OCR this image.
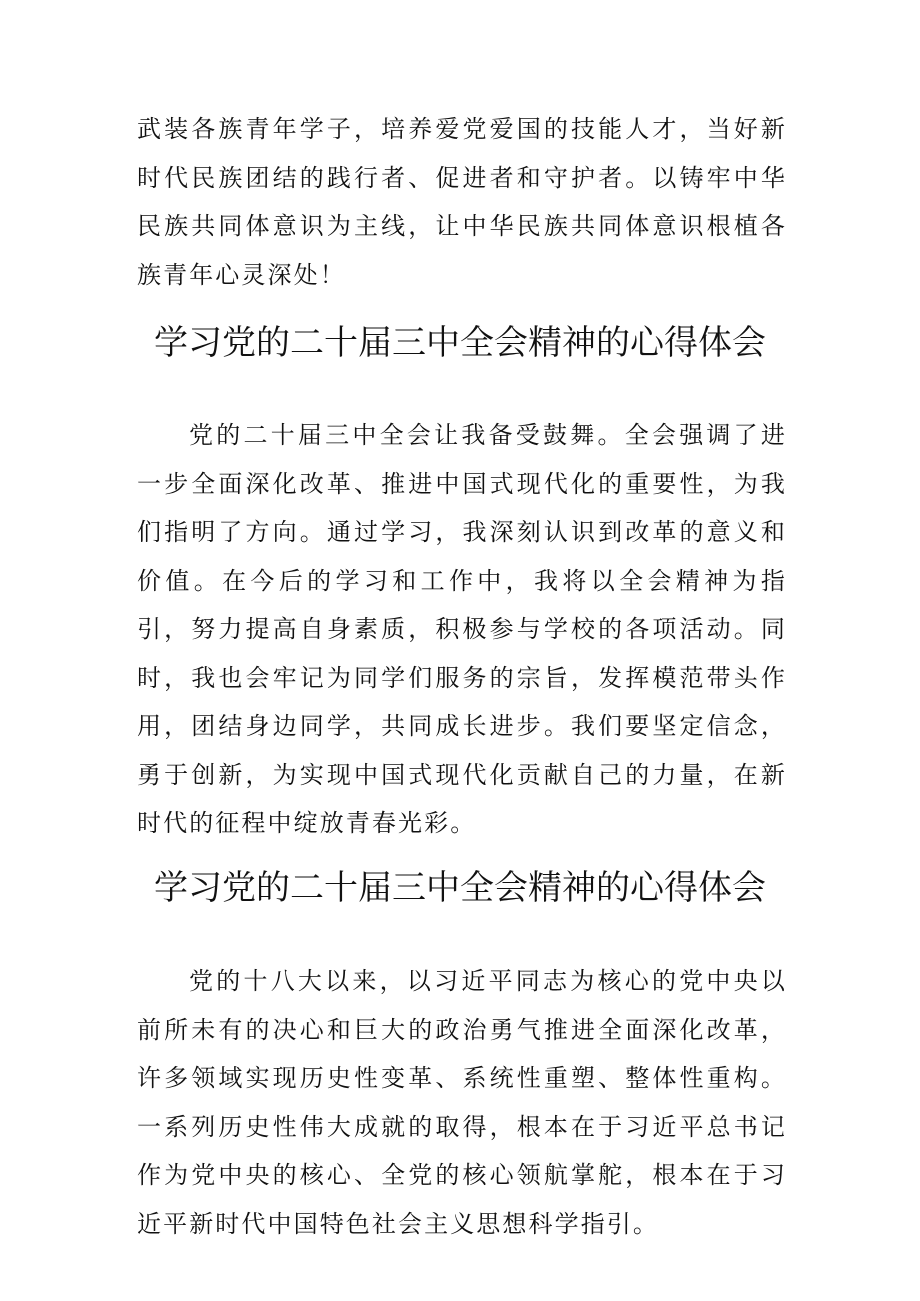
武装各族青年学子，培养爱党爱国的技能人才，当好新时代民族团结的践行者、促进者和守护者。以铸牢中华民族共同体意识为主线，让中华民族共同体意识根植各族青年心灵深处！

学习党的二十届三中全会精神的心得体会

党的二十届三中全会让我备受鼓舞。全会强调了进一步全面深化改革、推进中国式现代化的重要性，为我们指明了方向。通过学习，我深刻认识到改革的意义和价值。在今后的学习和工作中，我将以全会精神为指引，努力提高自身素质，积极参与学校的各项活动。同时，我也会牢记为同学们服务的宗旨，发挥模范带头作用，团结身边同学，共同成长进步。我们要坚定信念，勇于创新，为实现中国式现代化贡献自己的力量，在新时代的征程中绽放青春光彩。

学习党的二十届三中全会精神的心得体会

党的十八大以来，以习近平同志为核心的党中央以前所未有的决心和巨大的政治勇气推进全面深化改革，许多领域实现历史性变革、系统性重塑、整体性重构。一系列历史性伟大成就的取得，根本在于习近平总书记作为党中央的核心、全党的核心领航掌舵，根本在于习近平新时代中国特色社会主义思想科学指引。
